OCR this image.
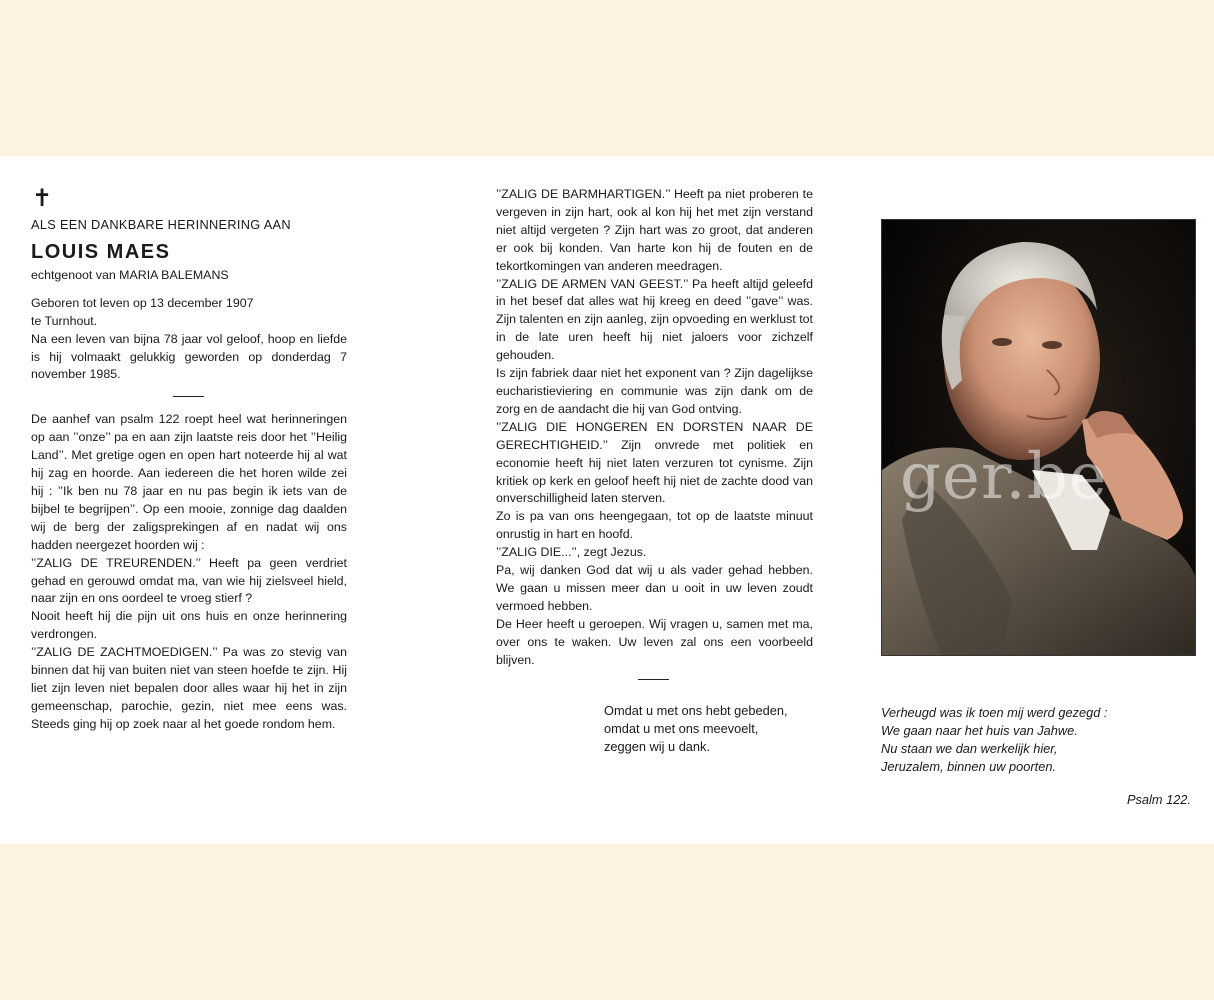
✝
ALS EEN DANKBARE HERINNERING AAN
LOUIS MAES
echtgenoot van MARIA BALEMANS

Geboren tot leven op 13 december 1907

te Turnhout.

Na een leven van bijna 78 jaar vol geloof, hoop en liefde is hij volmaakt gelukkig geworden op donderdag 7 november 1985.

De aanhef van psalm 122 roept heel wat herinneringen op aan ’’onze’’ pa en aan zijn laatste reis door het ’’Heilig Land’’. Met gretige ogen en open hart noteerde hij al wat hij zag en hoorde. Aan iedereen die het horen wilde zei hij : ’’Ik ben nu 78 jaar en nu pas begin ik iets van de bijbel te begrijpen’’. Op een mooie, zonnige dag daalden wij de berg der zaligsprekingen af en nadat wij ons hadden neergezet hoorden wij :

’’ZALIG DE TREURENDEN.’’ Heeft pa geen verdriet gehad en gerouwd omdat ma, van wie hij zielsveel hield, naar zijn en ons oordeel te vroeg stierf ?

Nooit heeft hij die pijn uit ons huis en onze herinnering verdrongen.

’’ZALIG DE ZACHTMOEDIGEN.’’ Pa was zo stevig van binnen dat hij van buiten niet van steen hoefde te zijn. Hij liet zijn leven niet bepalen door alles waar hij het in zijn gemeenschap, parochie, gezin, niet mee eens was. Steeds ging hij op zoek naar al het goede rondom hem.

’’ZALIG DE BARMHARTIGEN.’’ Heeft pa niet proberen te vergeven in zijn hart, ook al kon hij het met zijn verstand niet altijd vergeten ? Zijn hart was zo groot, dat anderen er ook bij konden. Van harte kon hij de fouten en de tekortkomingen van anderen meedragen.

’’ZALIG DE ARMEN VAN GEEST.’’ Pa heeft altijd geleefd in het besef dat alles wat hij kreeg en deed ’’gave’’ was. Zijn talenten en zijn aanleg, zijn opvoeding en werklust tot in de late uren heeft hij niet jaloers voor zichzelf gehouden.

Is zijn fabriek daar niet het exponent van ? Zijn dagelijkse eucharistieviering en communie was zijn dank om de zorg en de aandacht die hij van God ontving.

’’ZALIG DIE HONGEREN EN DORSTEN NAAR DE GERECHTIGHEID.’’ Zijn onvrede met politiek en economie heeft hij niet laten verzuren tot cynisme. Zijn kritiek op kerk en geloof heeft hij niet de zachte dood van onverschilligheid laten sterven.

Zo is pa van ons heengegaan, tot op de laatste minuut onrustig in hart en hoofd.

’’ZALIG DIE...’’, zegt Jezus.

Pa, wij danken God dat wij u als vader gehad hebben. We gaan u missen meer dan u ooit in uw leven zoudt vermoed hebben.

De Heer heeft u geroepen. Wij vragen u, samen met ma, over ons te waken. Uw leven zal ons een voorbeeld blijven.

Omdat u met ons hebt gebeden,
omdat u met ons meevoelt,
zeggen wij u dank.
ger.be
Verheugd was ik toen mij werd gezegd :
We gaan naar het huis van Jahwe.
Nu staan we dan werkelijk hier,
Jeruzalem, binnen uw poorten.
Psalm 122.
